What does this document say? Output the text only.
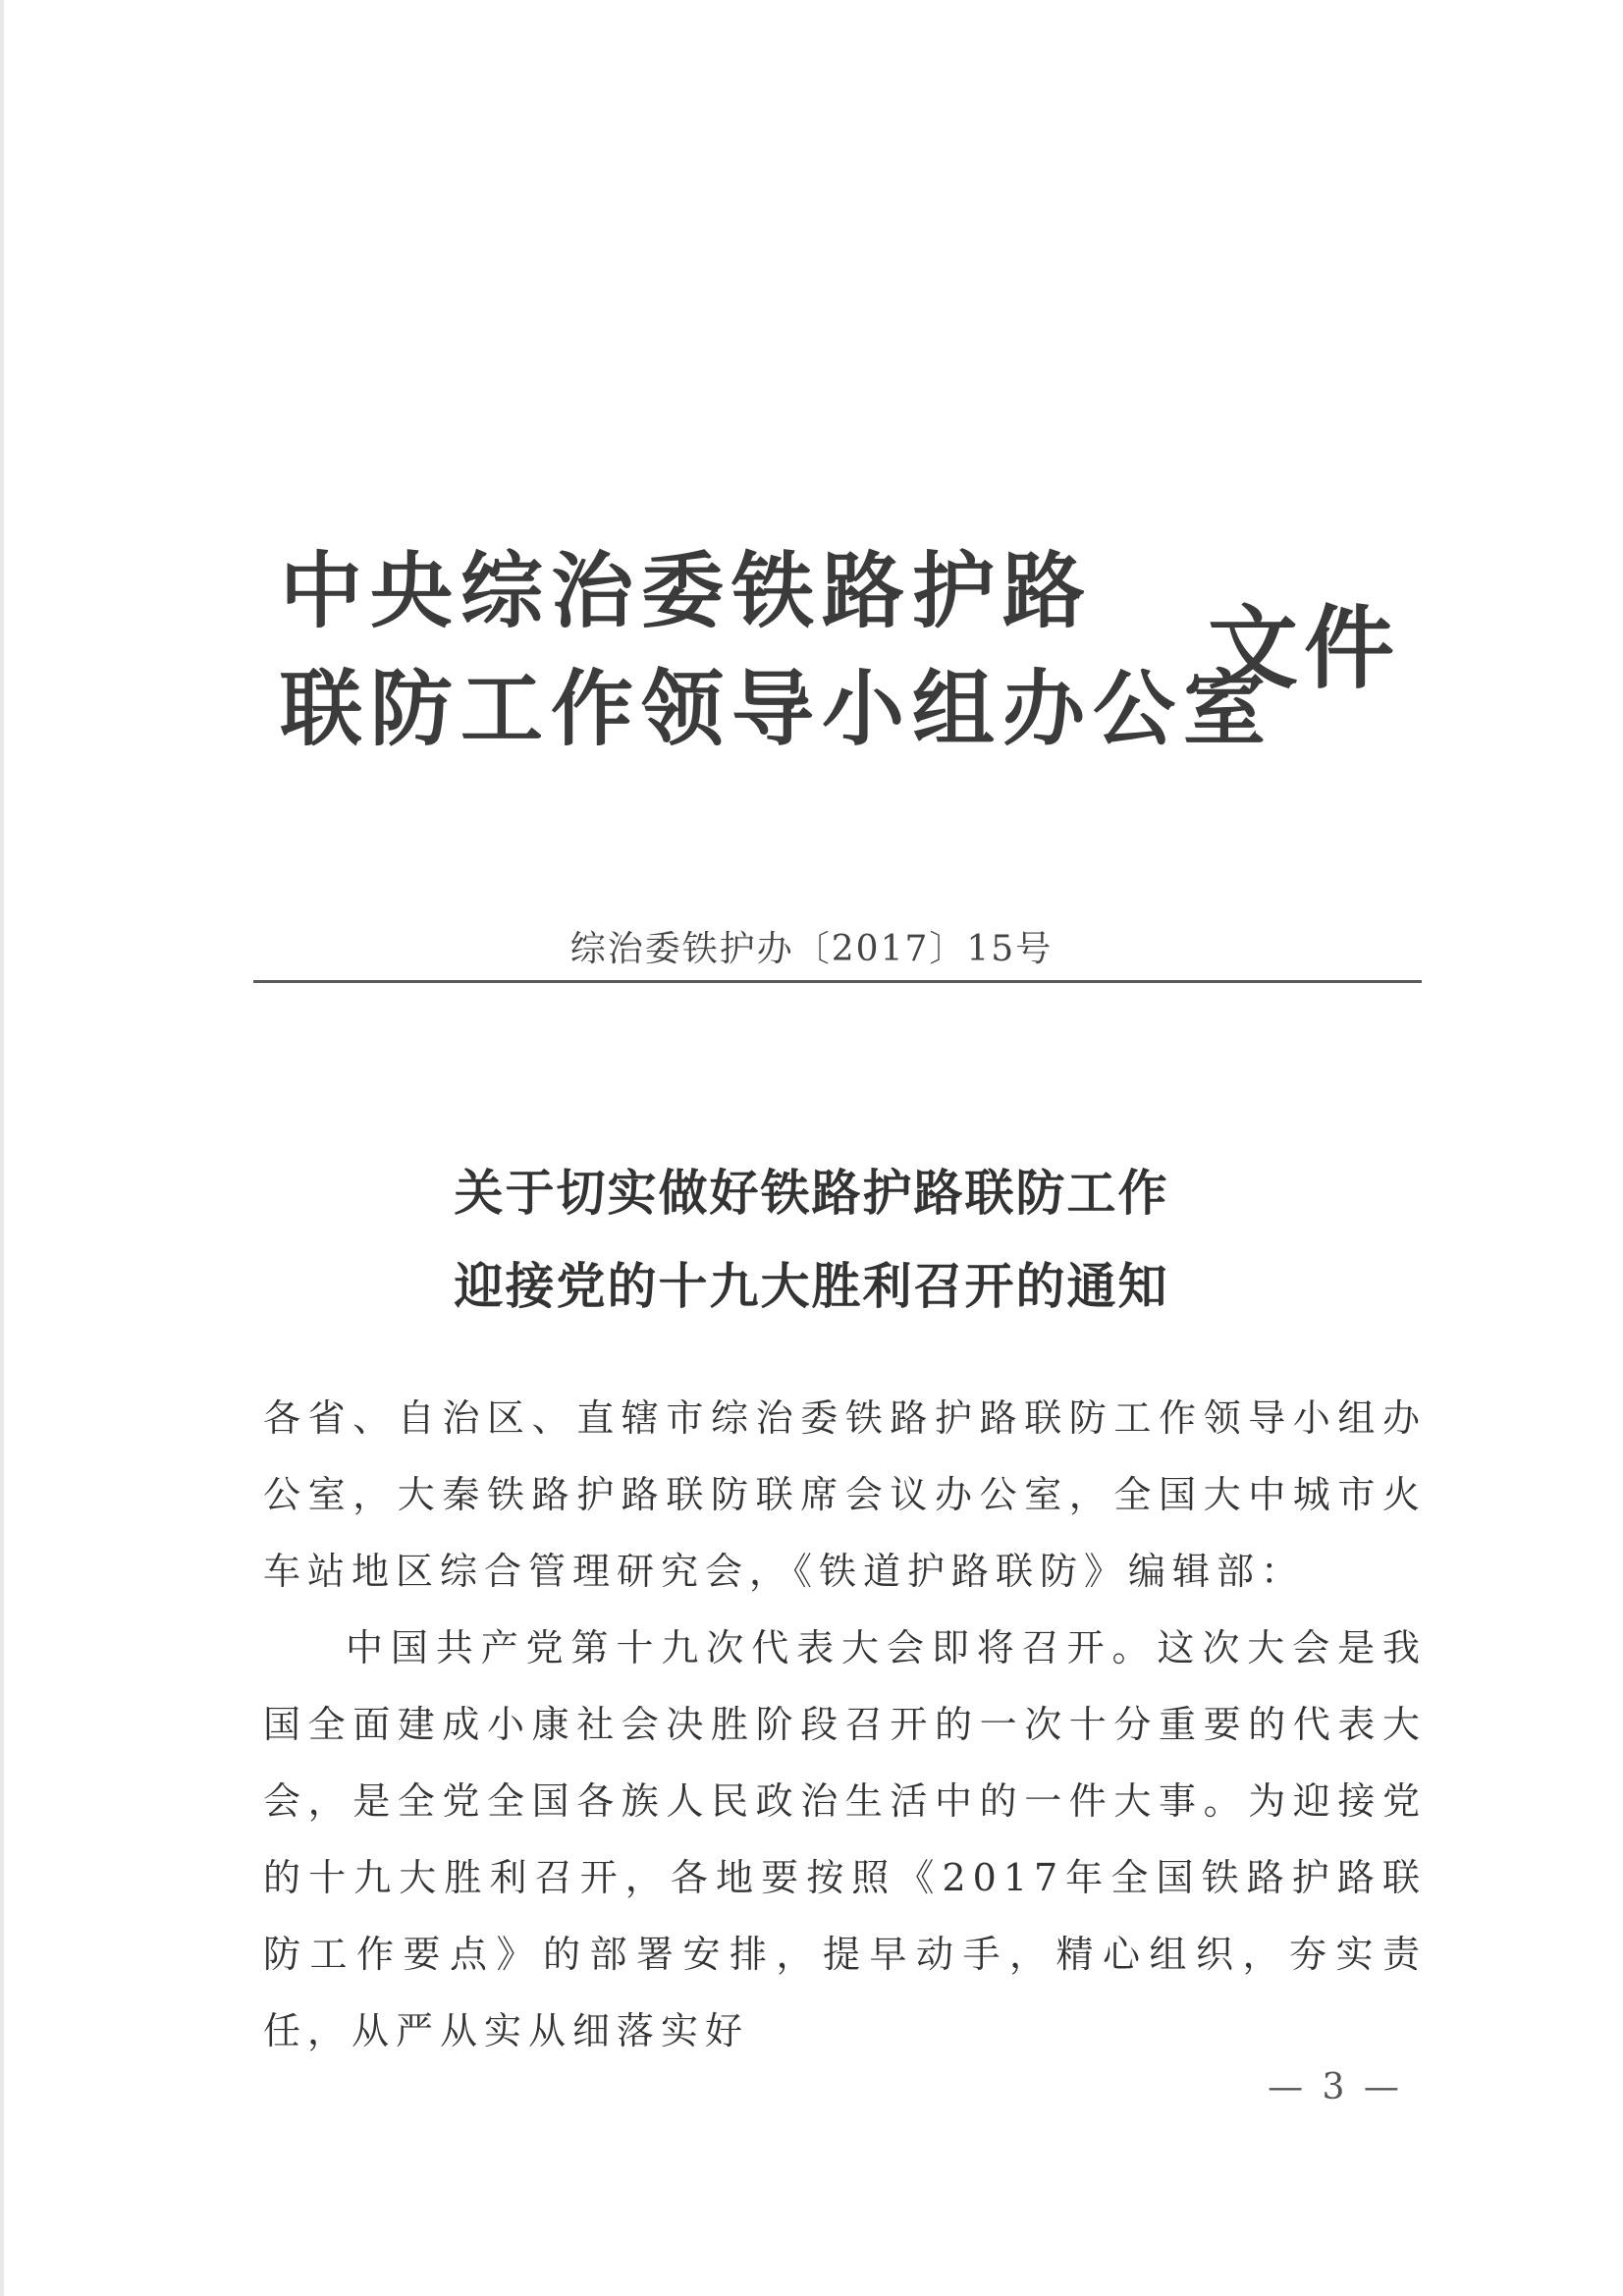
中央综治委铁路护路
联防工作领导小组办公室
文件
综治委铁护办〔2017〕15号
关于切实做好铁路护路联防工作
迎接党的十九大胜利召开的通知

各省、自治区、直辖市综治委铁路护路联防工作领导小组办公室，大秦铁路护路联防联席会议办公室，全国大中城市火车站地区综合管理研究会，《铁道护路联防》编辑部：

中国共产党第十九次代表大会即将召开。这次大会是我国全面建成小康社会决胜阶段召开的一次十分重要的代表大会，是全党全国各族人民政治生活中的一件大事。为迎接党的十九大胜利召开，各地要按照《2017年全国铁路护路联防工作要点》的部署安排，提早动手，精心组织，夯实责任，从严从实从细落实好

— 3 —
